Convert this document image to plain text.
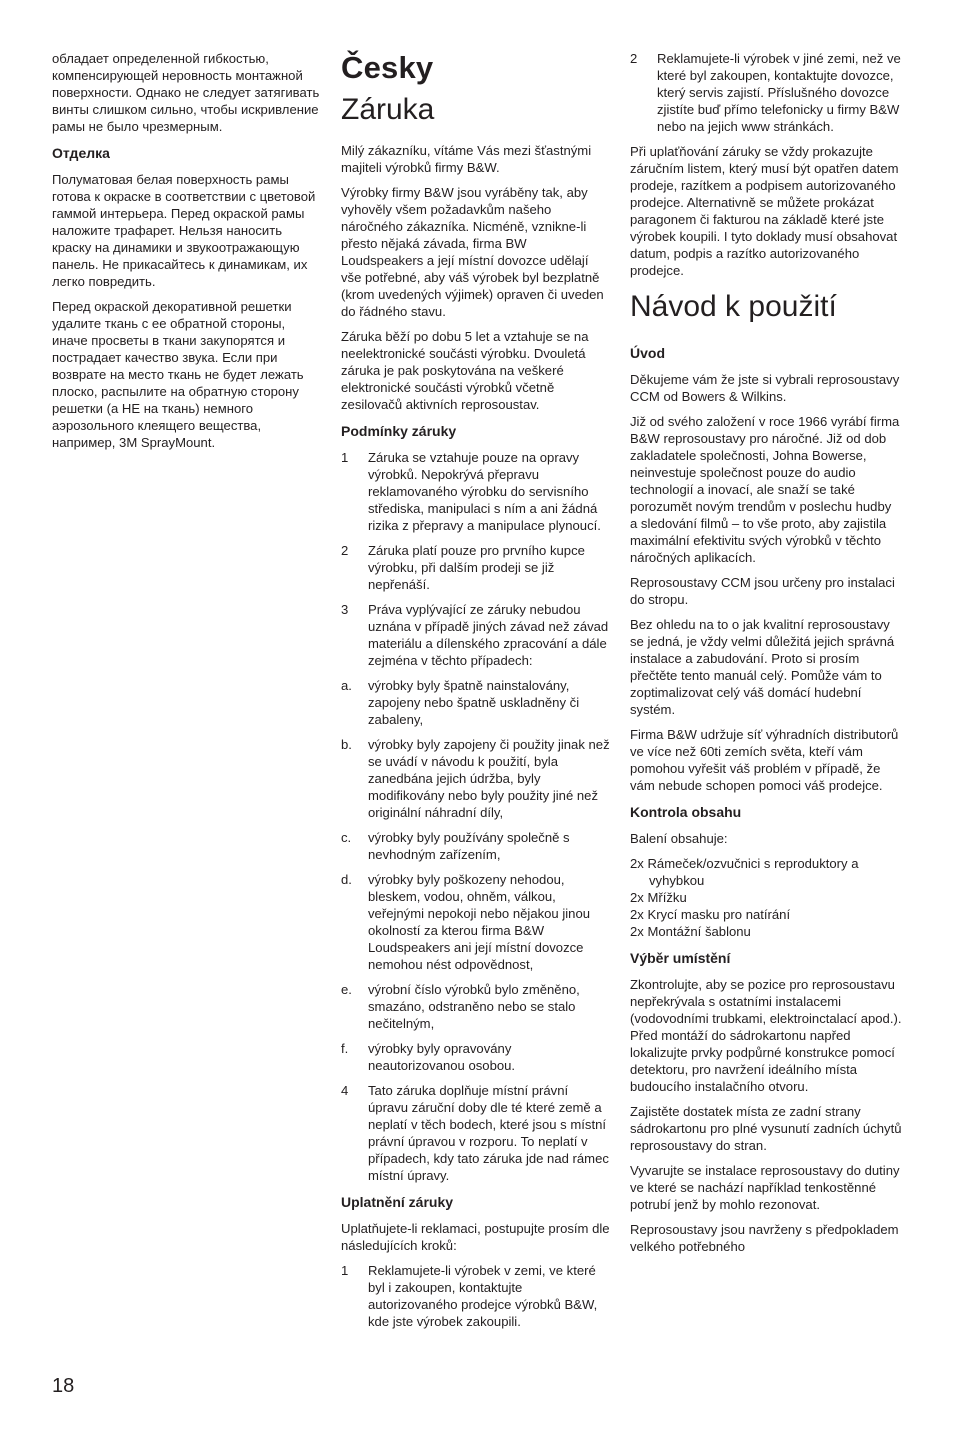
обладает определенной гибкостью, компенсирующей неровность монтажной поверхности. Однако не следует затягивать винты слишком сильно, чтобы искривление рамы не было чрезмерным.

Отделка

Полуматовая белая поверхность рамы готова к окраске в соответствии с цветовой гаммой интерьера. Перед окраской рамы наложите трафарет. Нельзя наносить краску на динамики и звукоотражающую панель. Не прикасайтесь к динамикам, их легко повредить.

Перед окраской декоративной решетки удалите ткань с ее обратной стороны, иначе просветы в ткани закупорятся и пострадает качество звука. Если при возврате на место ткань не будет лежать плоско, распылите на обратную сторону решетки (а НЕ на ткань) немного аэрозольного клеящего вещества, например, 3M SprayMount.

Česky
Záruka

Milý zákazníku, vítáme Vás mezi šťastnými majiteli výrobků firmy B&W.

Výrobky firmy B&W jsou vyráběny tak, aby vyhověly všem požadavkům našeho náročného zákazníka. Nicméně, vznikne-li přesto nějaká závada, firma BW Loudspeakers a její místní dovozce udělají vše potřebné, aby váš výrobek byl bezplatně (krom uvedených výjimek) opraven či uveden do řádného stavu.

Záruka běží po dobu 5 let a vztahuje se na neelektronické součásti výrobku. Dvouletá záruka je pak poskytována na veškeré elektronické součásti výrobků včetně zesilovačů aktivních reprosoustav.

Podmínky záruky
1	Záruka se vztahuje pouze na opravy výrobků. Nepokrývá přepravu reklamovaného výrobku do servisního střediska, manipulaci s ním a ani žádná rizika z přepravy a manipulace plynoucí.
2	Záruka platí pouze pro prvního kupce výrobku, při dalším prodeji se již nepřenáší.
3	Práva vyplývající ze záruky nebudou uznána v případě jiných závad než závad materiálu a dílenského zpracování a dále zejména v těchto případech:
a.	výrobky byly špatně nainstalovány, zapojeny nebo špatně uskladněny či zabaleny,
b.	výrobky byly zapojeny či použity jinak než se uvádí v návodu k použití, byla zanedbána jejich údržba, byly modifikovány nebo byly použity jiné než originální náhradní díly,
c.	výrobky byly používány společně s nevhodným zařízením,
d.	výrobky byly poškozeny nehodou, bleskem, vodou, ohněm, válkou, veřejnými nepokoji nebo nějakou jinou okolností za kterou firma B&W Loudspeakers ani její místní dovozce nemohou nést odpovědnost,
e.	výrobní číslo výrobků bylo změněno, smazáno, odstraněno nebo se stalo nečitelným,
f.	výrobky byly opravovány neautorizovanou osobou.
4	Tato záruka doplňuje místní právní úpravu záruční doby dle té které země a neplatí v těch bodech, které jsou s místní právní úpravou v rozporu. To neplatí v případech, kdy tato záruka jde nad rámec místní úpravy.
Uplatnění záruky

Uplatňujete-li reklamaci, postupujte prosím dle následujících kroků:

1	Reklamujete-li výrobek v zemi, ve které byl i zakoupen, kontaktujte autorizovaného prodejce výrobků B&W, kde jste výrobek zakoupili.
2	Reklamujete-li výrobek v jiné zemi, než ve které byl zakoupen, kontaktujte dovozce, který servis zajistí. Příslušného dovozce zjistíte buď přímo telefonicky u firmy B&W nebo na jejich www stránkách.

Při uplaťňování záruky se vždy prokazujte záručním listem, který musí být opatřen datem prodeje, razítkem a podpisem autorizovaného prodejce. Alternativně se můžete prokázat paragonem či fakturou na základě které jste výrobek koupili. I tyto doklady musí obsahovat datum, podpis a razítko autorizovaného prodejce.

Návod k použití
Úvod

Děkujeme vám že jste si vybrali reprosoustavy CCM od Bowers & Wilkins.

Již od svého založení v roce 1966 vyrábí firma B&W reprosoustavy pro náročné. Již od dob zakladatele společnosti, Johna Bowerse, neinvestuje společnost pouze do audio technologií a inovací, ale snaží se také porozumět novým trendům v poslechu hudby a sledování filmů – to vše proto, aby zajistila maximální efektivitu svých výrobků v těchto náročných aplikacích.

Reprosoustavy CCM jsou určeny pro instalaci do stropu.

Bez ohledu na to o jak kvalitní reprosoustavy se jedná, je vždy velmi důležitá jejich správná instalace a zabudování. Proto si prosím přečtěte tento manuál celý. Pomůže vám to zoptimalizovat celý váš domácí hudební systém.

Firma B&W udržuje síť výhradních distributorů ve více než 60ti zemích světa, kteří vám pomohou vyřešit váš problém v případě, že vám nebude schopen pomoci váš prodejce.

Kontrola obsahu

Balení obsahuje:

2x Rámeček/ozvučnici s reproduktory a vyhybkou
2x Mřížku
2x Krycí masku pro natírání
2x Montážní šablonu
Výběr umístění

Zkontrolujte, aby se pozice pro reprosoustavu nepřekrývala s ostatními instalacemi (vodovodními trubkami, elektroinctalací apod.). Před montáží do sádrokartonu napřed lokalizujte prvky podpůrné konstrukce pomocí detektoru, pro navržení ideálního místa budoucího instalačního otvoru.

Zajistěte dostatek místa ze zadní strany sádrokartonu pro plné vysunutí zadních úchytů reprosoustavy do stran.

Vyvarujte se instalace reprosoustavy do dutiny ve které se nachází například tenkostěnné potrubí jenž by mohlo rezonovat.

Reprosoustavy jsou navrženy s předpokladem velkého potřebného

18
